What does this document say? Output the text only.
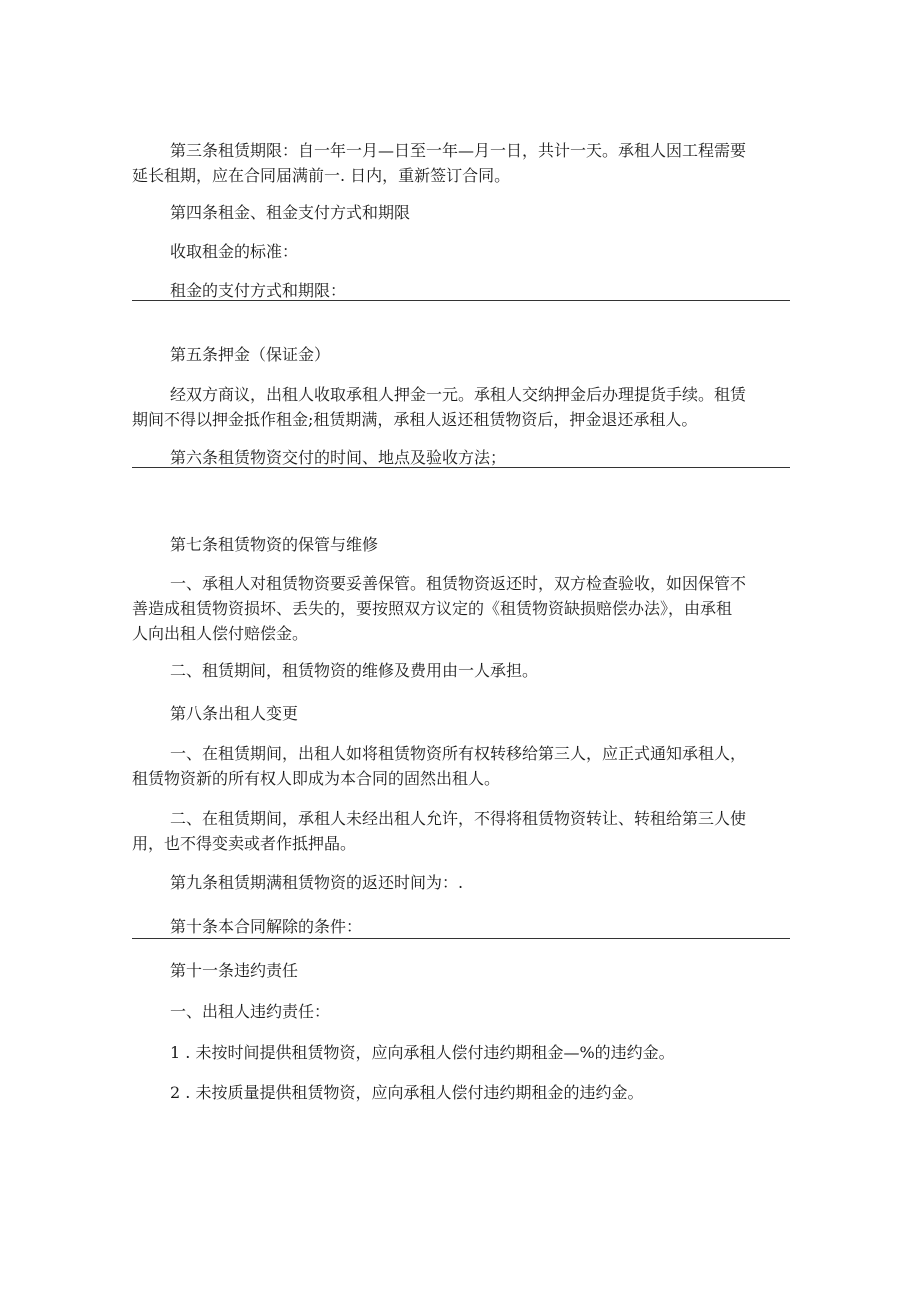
第三条租赁期限：自一年一月—日至一年—月一日，共计一天。承租人因工程需要
延长租期，应在合同届满前一. 日内，重新签订合同。
第四条租金、租金支付方式和期限
收取租金的标准：
租金的支付方式和期限：
第五条押金（保证金）
经双方商议，出租人收取承租人押金一元。承租人交纳押金后办理提货手续。租赁
期间不得以押金抵作租金;租赁期满，承租人返还租赁物资后，押金退还承租人。
第六条租赁物资交付的时间、地点及验收方法；
第七条租赁物资的保管与维修
一、承租人对租赁物资要妥善保管。租赁物资返还时，双方检查验收，如因保管不
善造成租赁物资损坏、丢失的，要按照双方议定的《租赁物资缺损赔偿办法》，由承租
人向出租人偿付赔偿金。
二、租赁期间，租赁物资的维修及费用由一人承担。
第八条出租人变更
一、在租赁期间，出租人如将租赁物资所有权转移给第三人，应正式通知承租人，
租赁物资新的所有权人即成为本合同的固然出租人。
二、在租赁期间，承租人未经出租人允许，不得将租赁物资转让、转租给第三人使
用，也不得变卖或者作抵押晶。
第九条租赁期满租赁物资的返还时间为：.
第十条本合同解除的条件：
第十一条违约责任
一、出租人违约责任：
1 . 未按时间提供租赁物资，应向承租人偿付违约期租金—%的违约金。
2 . 未按质量提供租赁物资，应向承租人偿付违约期租金的违约金。
